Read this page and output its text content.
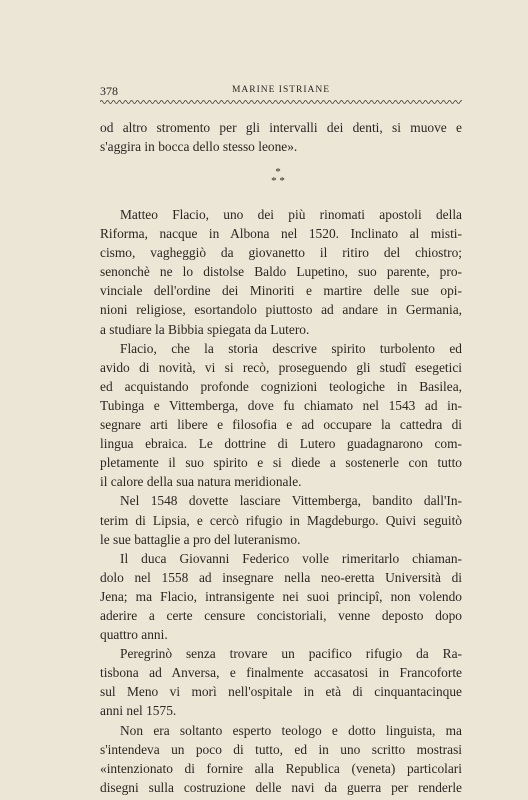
378	MARINE ISTRIANE
od altro stromento per gli intervalli dei denti, si muove e
s'aggira in bocca dello stesso leone».
*
* *
Matteo Flacio, uno dei più rinomati apostoli della
Riforma, nacque in Albona nel 1520. Inclinato al misti-
cismo, vagheggiò da giovanetto il ritiro del chiostro;
senonchè ne lo distolse Baldo Lupetino, suo parente, pro-
vinciale dell'ordine dei Minoriti e martire delle sue opi-
nioni religiose, esortandolo piuttosto ad andare in Germania,
a studiare la Bibbia spiegata da Lutero.
Flacio, che la storia descrive spirito turbolento ed
avido di novità, vi si recò, proseguendo gli studî esegetici
ed acquistando profonde cognizioni teologiche in Basilea,
Tubinga e Vittemberga, dove fu chiamato nel 1543 ad in-
segnare arti libere e filosofia e ad occupare la cattedra di
lingua ebraica. Le dottrine di Lutero guadagnarono com-
pletamente il suo spirito e si diede a sostenerle con tutto
il calore della sua natura meridionale.
Nel 1548 dovette lasciare Vittemberga, bandito dall'In-
terim di Lipsia, e cercò rifugio in Magdeburgo. Quivi seguitò
le sue battaglie a pro del luteranismo.
Il duca Giovanni Federico volle rimeritarlo chiaman-
dolo nel 1558 ad insegnare nella neo-eretta Università di
Jena; ma Flacio, intransigente nei suoi principî, non volendo
aderire a certe censure concistoriali, venne deposto dopo
quattro anni.
Peregrinò senza trovare un pacifico rifugio da Ra-
tisbona ad Anversa, e finalmente accasatosi in Francoforte
sul Meno vi morì nell'ospitale in età di cinquantacinque
anni nel 1575.
Non era soltanto esperto teologo e dotto linguista, ma
s'intendeva un poco di tutto, ed in uno scritto mostrasi
«intenzionato di fornire alla Republica (veneta) particolari
disegni sulla costruzione delle navi da guerra per renderle
